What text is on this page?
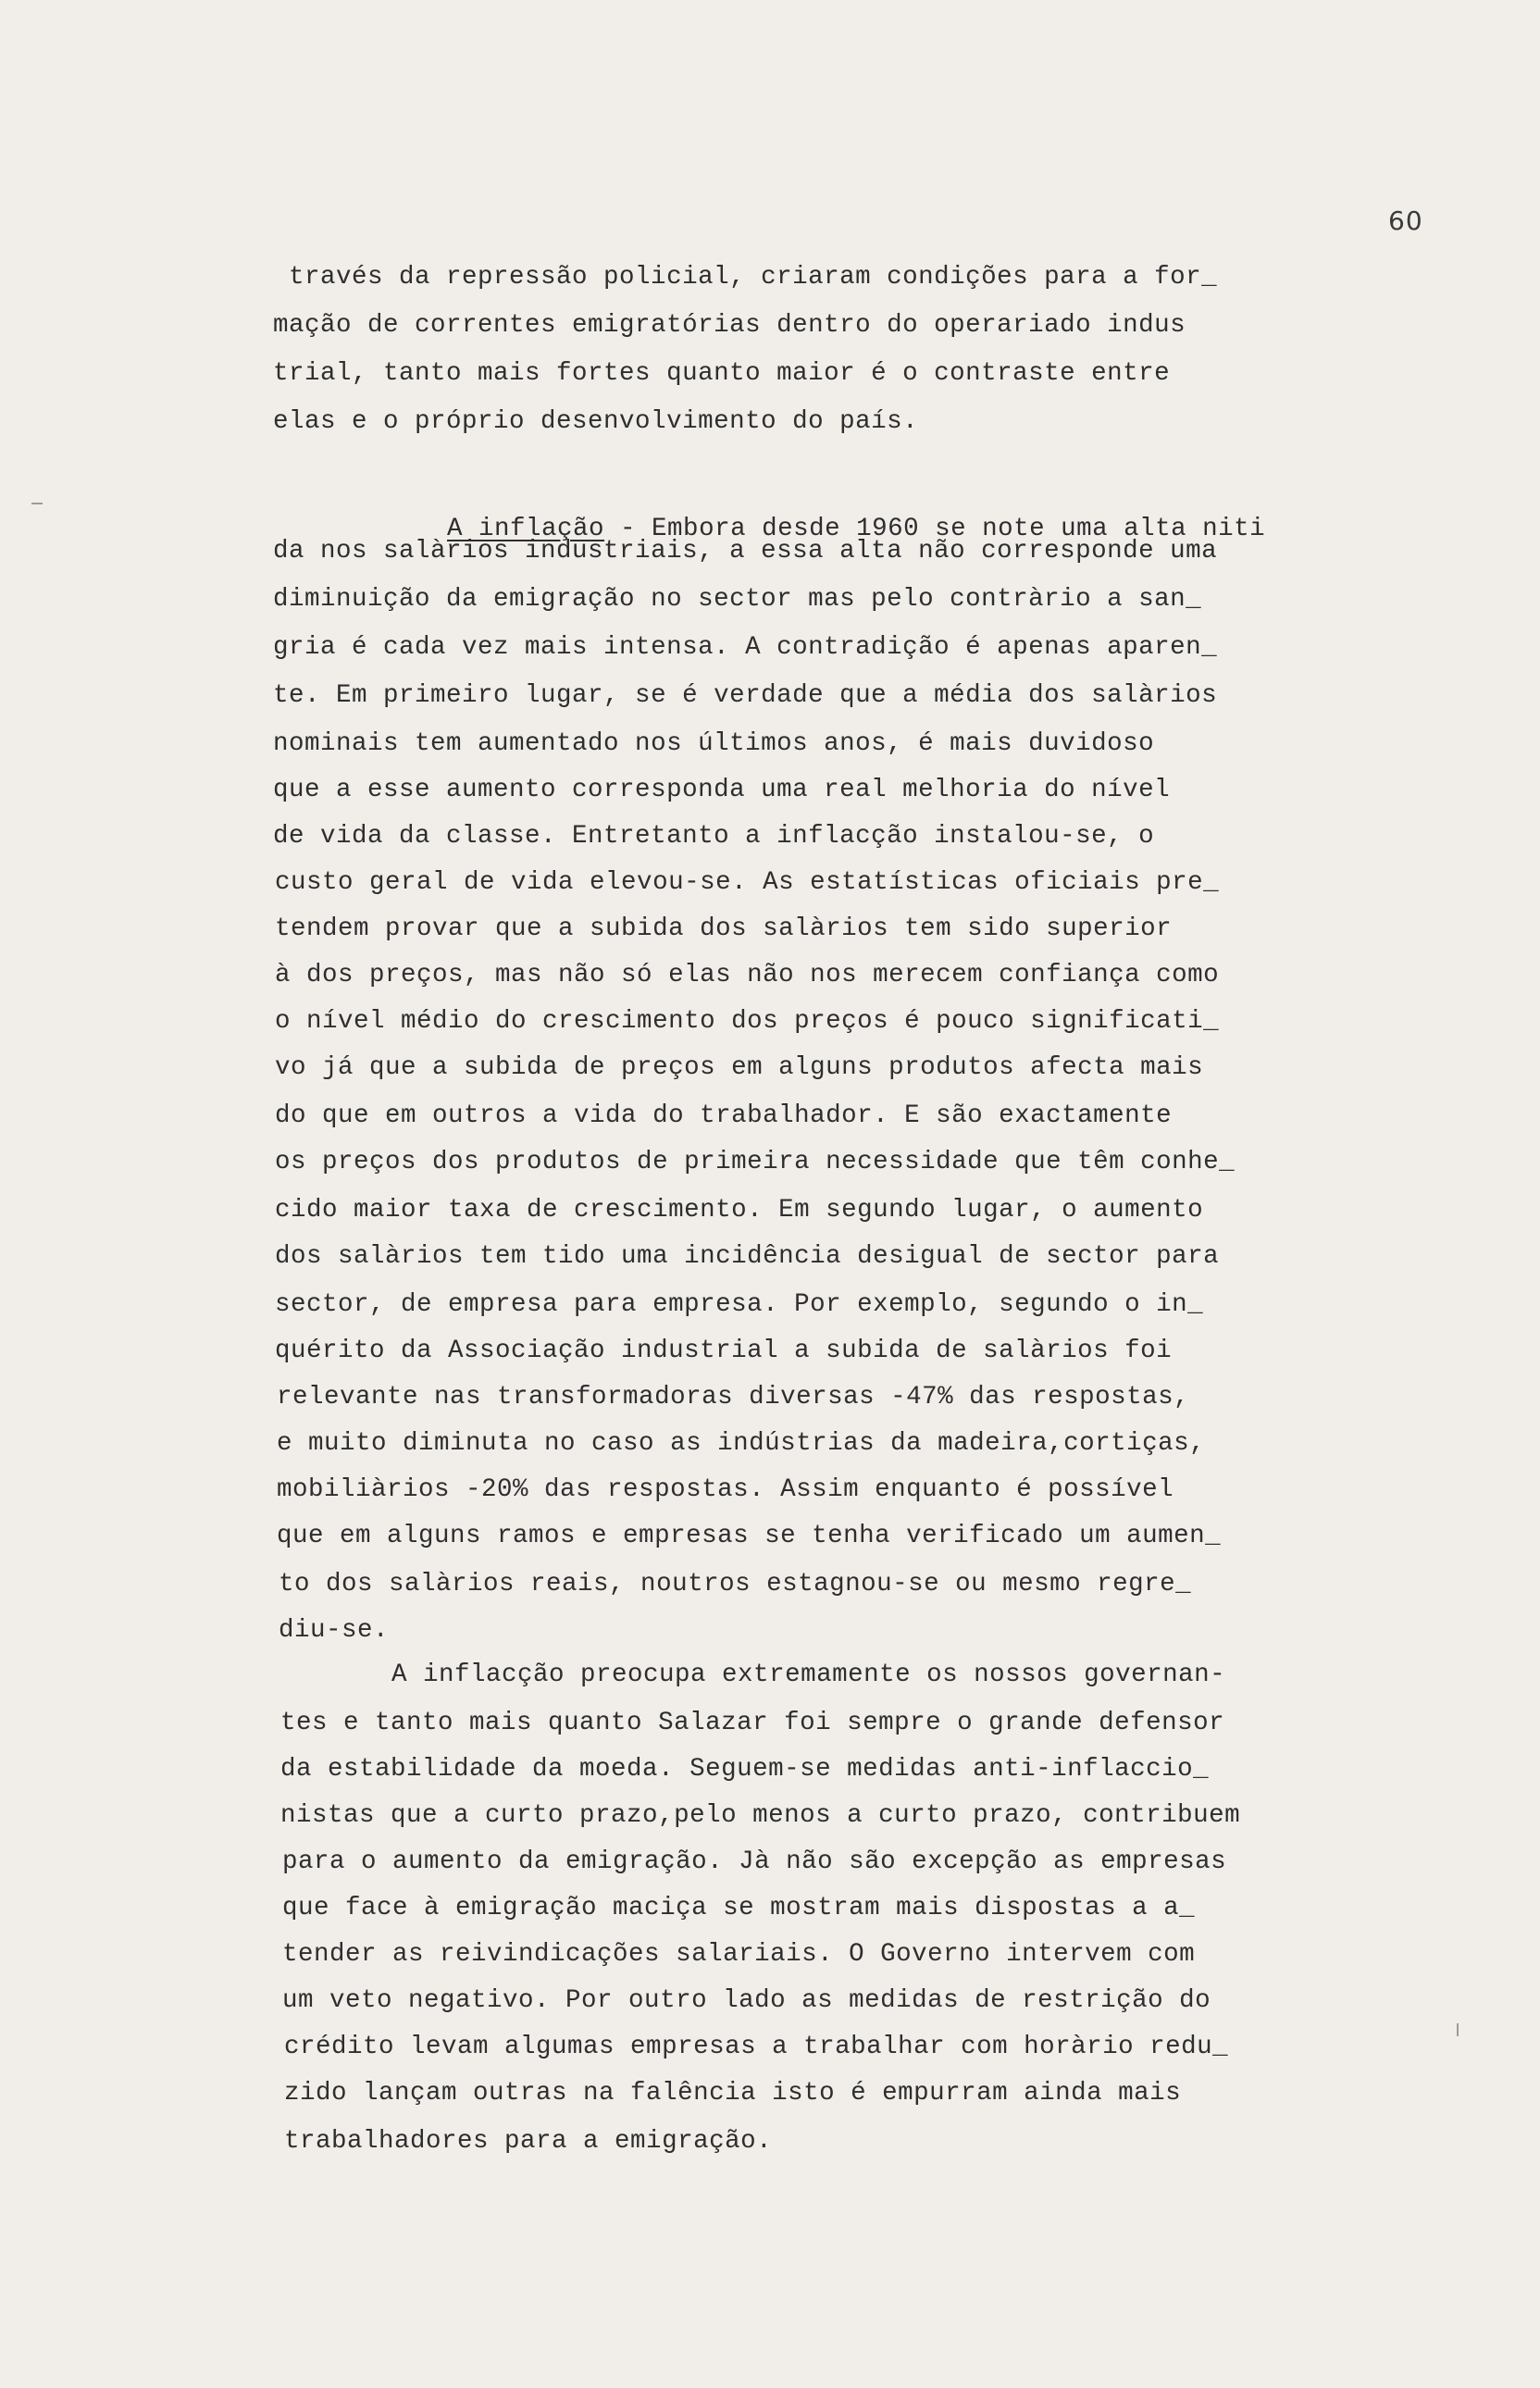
60
través da repressão policial, criaram condições para a for_
mação de correntes emigratórias dentro do operariado indus
trial, tanto mais fortes quanto maior é o contraste entre
elas e o próprio desenvolvimento do país.

A inflação - Embora desde 1960 se note uma alta niti

da nos salàrios industriais, a essa alta não corresponde uma
diminuição da emigração no sector mas pelo contràrio a san_
gria é cada vez mais intensa. A contradição é apenas aparen_
te. Em primeiro lugar, se é verdade que a média dos salàrios
nominais tem aumentado nos últimos anos, é mais duvidoso
que a esse aumento corresponda uma real melhoria do nível
de vida da classe. Entretanto a inflacção instalou-se, o
custo geral de vida elevou-se. As estatísticas oficiais pre_
tendem provar que a subida dos salàrios tem sido superior
à dos preços, mas não só elas não nos merecem confiança como
o nível médio do crescimento dos preços é pouco significati_
vo já que a subida de preços em alguns produtos afecta mais
do que em outros a vida do trabalhador. E são exactamente
os preços dos produtos de primeira necessidade que têm conhe_
cido maior taxa de crescimento. Em segundo lugar, o aumento
dos salàrios tem tido uma incidência desigual de sector para
sector, de empresa para empresa. Por exemplo, segundo o in_
quérito da Associação industrial a subida de salàrios foi
relevante nas transformadoras diversas -47% das respostas,
e muito diminuta no caso as indústrias da madeira,cortiças,
mobiliàrios -20% das respostas. Assim enquanto é possível
que em alguns ramos e empresas se tenha verificado um aumen_
to dos salàrios reais, noutros estagnou-se ou mesmo regre_
diu-se.
A inflacção preocupa extremamente os nossos governan-
tes e tanto mais quanto Salazar foi sempre o grande defensor
da estabilidade da moeda. Seguem-se medidas anti-inflaccio_
nistas que a curto prazo,pelo menos a curto prazo, contribuem
para o aumento da emigração. Jà não são excepção as empresas
que face à emigração maciça se mostram mais dispostas a a_
tender as reivindicações salariais. O Governo intervem com
um veto negativo. Por outro lado as medidas de restrição do
crédito levam algumas empresas a trabalhar com horàrio redu_
zido lançam outras na falência isto é empurram ainda mais
trabalhadores para a emigração.
